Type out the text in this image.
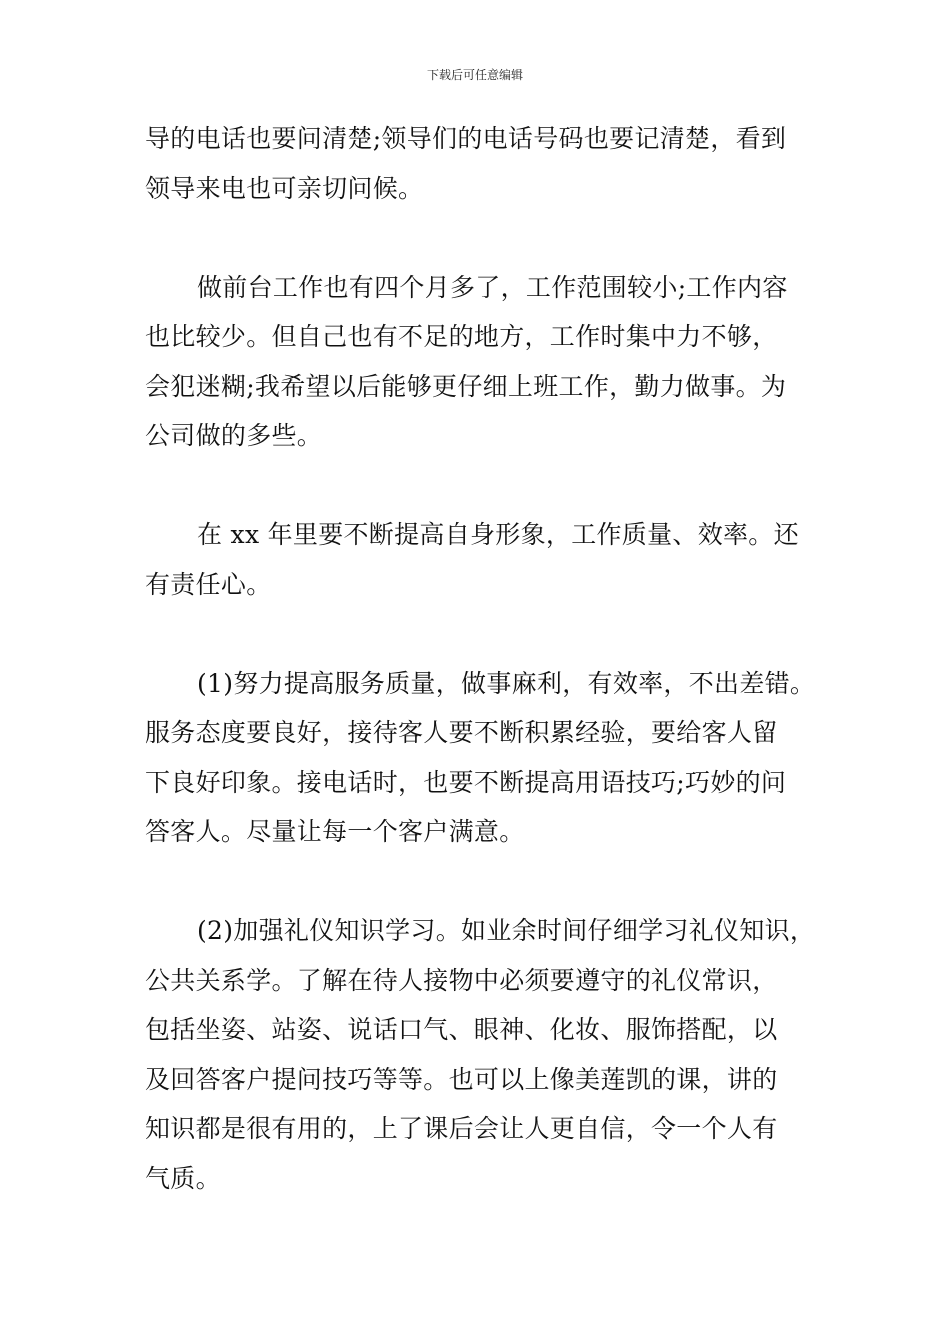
下载后可任意编辑

导的电话也要问清楚;领导们的电话号码也要记清楚，看到

领导来电也可亲切问候。

做前台工作也有四个月多了，工作范围较小;工作内容

也比较少。但自己也有不足的地方，工作时集中力不够，

会犯迷糊;我希望以后能够更仔细上班工作，勤力做事。为

公司做的多些。

在 xx 年里要不断提高自身形象，工作质量、效率。还

有责任心。

(1)努力提高服务质量，做事麻利，有效率，不出差错。

服务态度要良好，接待客人要不断积累经验，要给客人留

下良好印象。接电话时，也要不断提高用语技巧;巧妙的问

答客人。尽量让每一个客户满意。

(2)加强礼仪知识学习。如业余时间仔细学习礼仪知识，

公共关系学。了解在待人接物中必须要遵守的礼仪常识，

包括坐姿、站姿、说话口气、眼神、化妆、服饰搭配，以

及回答客户提问技巧等等。也可以上像美莲凯的课，讲的

知识都是很有用的，上了课后会让人更自信，令一个人有

气质。
